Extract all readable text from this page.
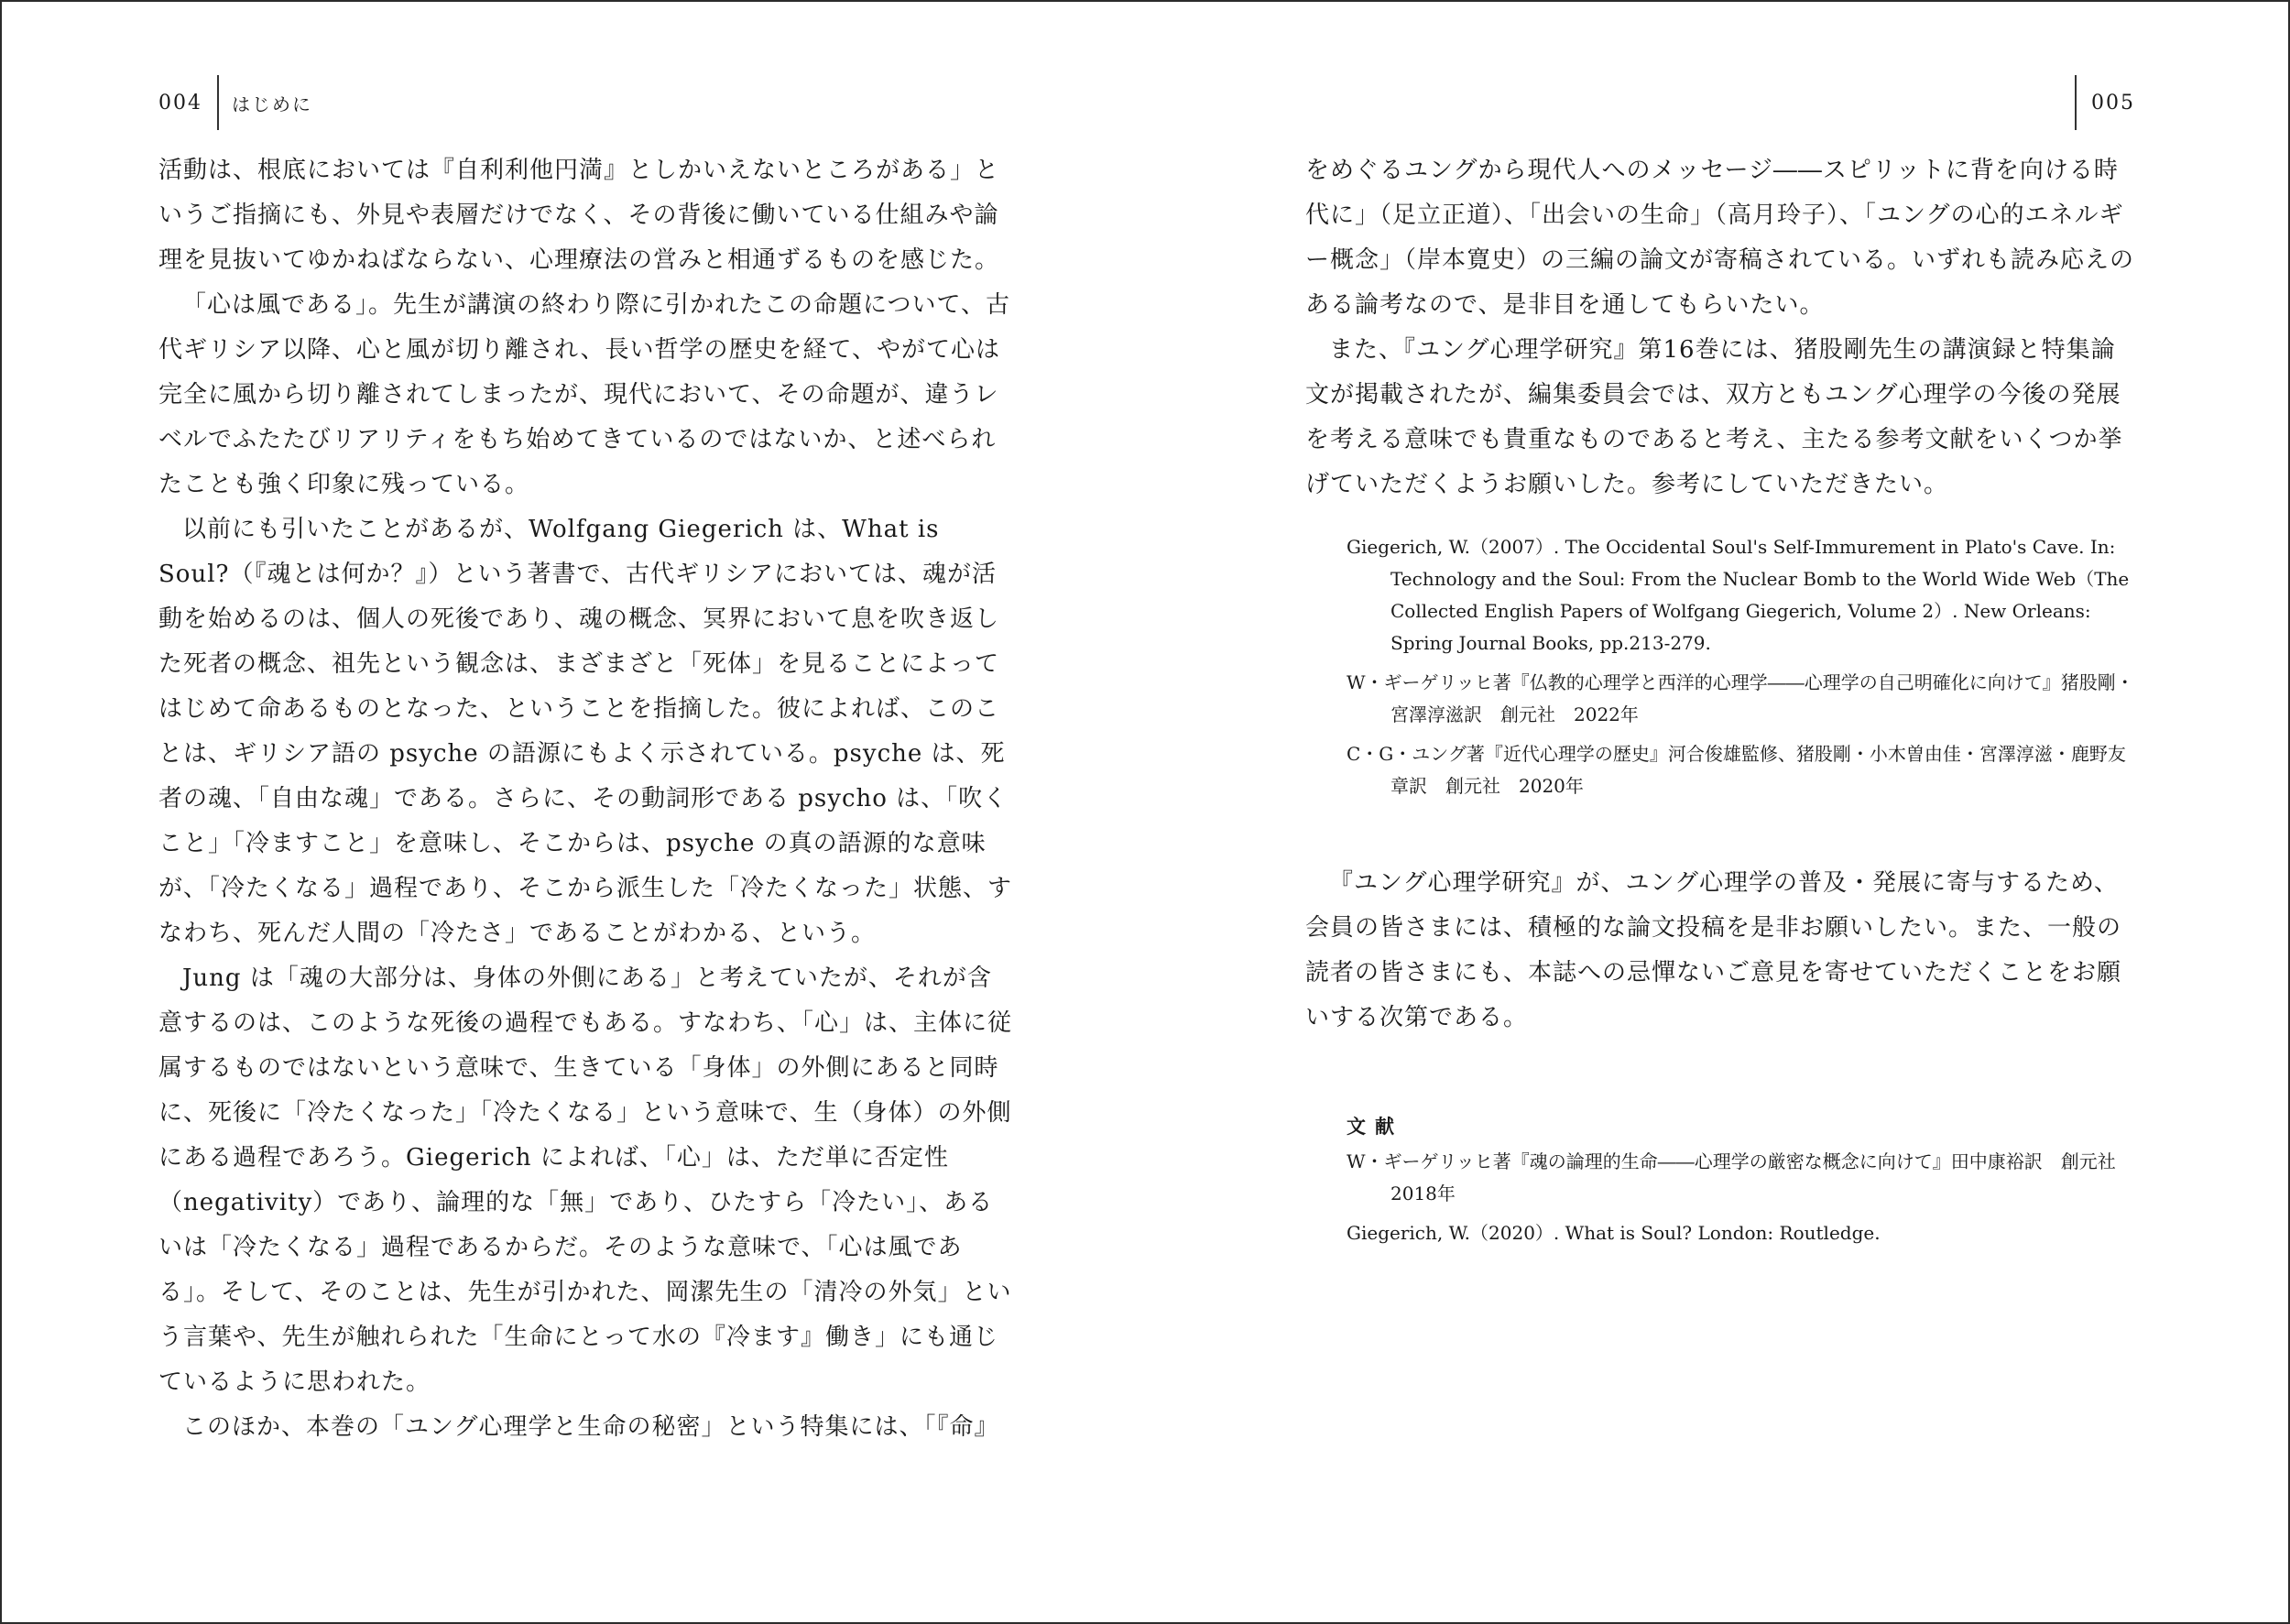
004 はじめに

活動は、根底においては『自利利他円満』としかいえないところがある」というご指摘にも、外見や表層だけでなく、その背後に働いている仕組みや論理を見抜いてゆかねばならない、心理療法の営みと相通ずるものを感じた。

「心は風である」。先生が講演の終わり際に引かれたこの命題について、古代ギリシア以降、心と風が切り離され、長い哲学の歴史を経て、やがて心は完全に風から切り離されてしまったが、現代において、その命題が、違うレベルでふたたびリアリティをもち始めてきているのではないか、と述べられたことも強く印象に残っている。

以前にも引いたことがあるが、Wolfgang Giegerich は、What is Soul?（『魂とは何か？』）という著書で、古代ギリシアにおいては、魂が活動を始めるのは、個人の死後であり、魂の概念、冥界において息を吹き返した死者の概念、祖先という観念は、まざまざと「死体」を見ることによってはじめて命あるものとなった、ということを指摘した。彼によれば、このことは、ギリシア語の psyche の語源にもよく示されている。psyche は、死者の魂、「自由な魂」である。さらに、その動詞形である psycho は、「吹くこと」「冷ますこと」を意味し、そこからは、psyche の真の語源的な意味が、「冷たくなる」過程であり、そこから派生した「冷たくなった」状態、すなわち、死んだ人間の「冷たさ」であることがわかる、という。

Jung は「魂の大部分は、身体の外側にある」と考えていたが、それが含意するのは、このような死後の過程でもある。すなわち、「心」は、主体に従属するものではないという意味で、生きている「身体」の外側にあると同時に、死後に「冷たくなった」「冷たくなる」という意味で、生（身体）の外側にある過程であろう。Giegerich によれば、「心」は、ただ単に否定性（negativity）であり、論理的な「無」であり、ひたすら「冷たい」、あるいは「冷たくなる」過程であるからだ。そのような意味で、「心は風である」。そして、そのことは、先生が引かれた、岡潔先生の「清冷の外気」という言葉や、先生が触れられた「生命にとって水の『冷ます』働き」にも通じているように思われた。

このほか、本巻の「ユング心理学と生命の秘密」という特集には、「『命』

005

をめぐるユングから現代人へのメッセージ――スピリットに背を向ける時代に」（足立正道）、「出会いの生命」（高月玲子）、「ユングの心的エネルギー概念」（岸本寛史）の三編の論文が寄稿されている。いずれも読み応えのある論考なので、是非目を通してもらいたい。

また、『ユング心理学研究』第16巻には、猪股剛先生の講演録と特集論文が掲載されたが、編集委員会では、双方ともユング心理学の今後の発展を考える意味でも貴重なものであると考え、主たる参考文献をいくつか挙げていただくようお願いした。参考にしていただきたい。

Giegerich, W.（2007）. The Occidental Soul's Self-Immurement in Plato's Cave. In: Technology and the Soul: From the Nuclear Bomb to the World Wide Web（The Collected English Papers of Wolfgang Giegerich, Volume 2）. New Orleans: Spring Journal Books, pp.213-279.

W・ギーゲリッヒ著『仏教的心理学と西洋的心理学――心理学の自己明確化に向けて』猪股剛・宮澤淳滋訳　創元社　2022年

C・G・ユング著『近代心理学の歴史』河合俊雄監修、猪股剛・小木曽由佳・宮澤淳滋・鹿野友章訳　創元社　2020年

『ユング心理学研究』が、ユング心理学の普及・発展に寄与するため、会員の皆さまには、積極的な論文投稿を是非お願いしたい。また、一般の読者の皆さまにも、本誌への忌憚ないご意見を寄せていただくことをお願いする次第である。

文献

W・ギーゲリッヒ著『魂の論理的生命――心理学の厳密な概念に向けて』田中康裕訳　創元社　2018年

Giegerich, W.（2020）. What is Soul? London: Routledge.
